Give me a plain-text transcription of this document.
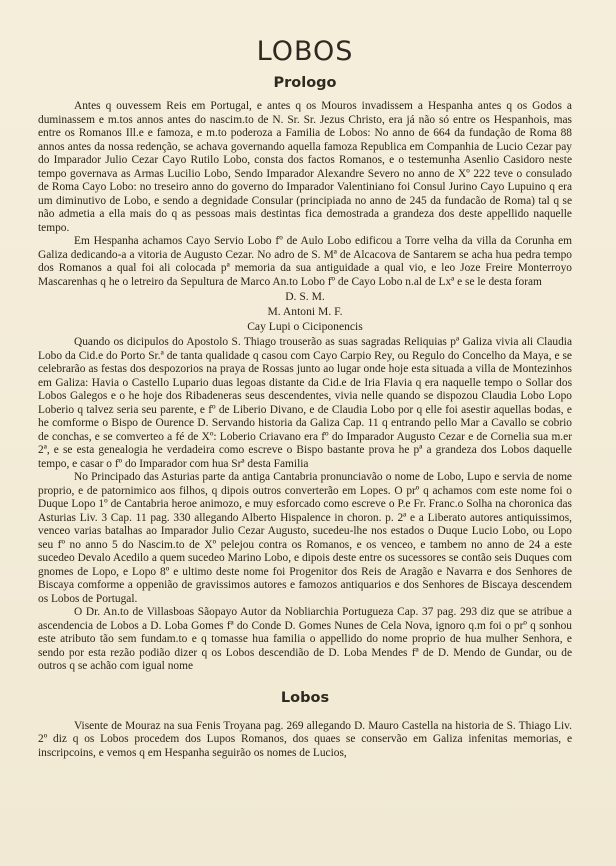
LOBOS
Prologo

Antes q ouvessem Reis em Portugal, e antes q os Mouros invadissem a Hespanha antes q os Godos a duminassem e m.tos annos antes do nascim.to de N. Sr. Sr. Jezus Christo, era já não só entre os Hespanhois, mas entre os Romanos Ill.e e famoza, e m.to poderoza a Familia de Lobos: No anno de 664 da fundação de Roma 88 annos antes da nossa redenção, se achava governando aquella famoza Republica em Companhia de Lucio Cezar pay do Imparador Julio Cezar Cayo Rutilo Lobo, consta dos factos Romanos, e o testemunha Asenlio Casidoro neste tempo governava as Armas Lucilio Lobo, Sendo Imparador Alexandre Severo no anno de Xº 222 teve o consulado de Roma Cayo Lobo: no treseiro anno do governo do Imparador Valentiniano foi Consul Jurino Cayo Lupuino q era um diminutivo de Lobo, e sendo a degnidade Consular (principiada no anno de 245 da fundacão de Roma) tal q se não admetia a ella mais do q as pessoas mais destintas fica demostrada a grandeza dos deste appellido naquelle tempo.

Em Hespanha achamos Cayo Servio Lobo fº de Aulo Lobo edificou a Torre velha da villa da Corunha em Galiza dedicando-a a vitoria de Augusto Cezar. No adro de S. Mª de Alcacova de Santarem se acha hua pedra tempo dos Romanos a qual foi ali colocada pª memoria da sua antiguidade a qual vio, e leo Joze Freire Monterroyo Mascarenhas q he o letreiro da Sepultura de Marco An.to Lobo fº de Cayo Lobo n.al de Lxª e se le desta foram

D. S. M.
M. Antoni M. F.
Cay Lupi o Ciciponencis

Quando os dicipulos do Apostolo S. Thiago trouserão as suas sagradas Reliquias pª Galiza vivia ali Claudia Lobo da Cid.e do Porto Sr.ª de tanta qualidade q casou com Cayo Carpio Rey, ou Regulo do Concelho da Maya, e se celebrarão as festas dos despozorios na praya de Rossas junto ao lugar onde hoje esta situada a villa de Montezinhos em Galiza: Havia o Castello Lupario duas legoas distante da Cid.e de Iria Flavia q era naquelle tempo o Sollar dos Lobos Galegos e o he hoje dos Ribadeneras seus descendentes, vivia nelle quando se dispozou Claudia Lobo Lopo Loberio q talvez seria seu parente, e fº de Liberio Divano, e de Claudia Lobo por q elle foi asestir aquellas bodas, e he comforme o Bispo de Ourence D. Servando historia da Galiza Cap. 11 q entrando pello Mar a Cavallo se cobrio de conchas, e se comverteo a fé de Xº: Loberio Criavano era fº do Imparador Augusto Cezar e de Cornelia sua m.er 2ª, e se esta genealogia he verdadeira como escreve o Bispo bastante prova he pª a grandeza dos Lobos daquelle tempo, e casar o fº do Imparador com hua Srª desta Familia

No Principado das Asturias parte da antiga Cantabria pronunciavão o nome de Lobo, Lupo e servia de nome proprio, e de patornimico aos filhos, q dipois outros converterão em Lopes. O prº q achamos com este nome foi o Duque Lopo 1º de Cantabria heroe animozo, e muy esforcado como escreve o P.e Fr. Franc.o Solha na choronica das Asturias Liv. 3 Cap. 11 pag. 330 allegando Alberto Hispalence in choron. p. 2ª e a Liberato autores antiquissimos, venceo varias batalhas ao Imparador Julio Cezar Augusto, sucedeu-lhe nos estados o Duque Lucio Lobo, ou Lopo seu fº no anno 5 do Nascim.to de Xº pelejou contra os Romanos, e os venceo, e tambem no anno de 24 a este sucedeo Devalo Acedilo a quem sucedeo Marino Lobo, e dipois deste entre os sucessores se contão seis Duques com gnomes de Lopo, e Lopo 8º e ultimo deste nome foi Progenitor dos Reis de Aragão e Navarra e dos Senhores de Biscaya comforme a oppenião de gravissimos autores e famozos antiquarios e dos Senhores de Biscaya descendem os Lobos de Portugal.

O Dr. An.to de Villasboas Sãopayo Autor da Nobliarchia Portugueza Cap. 37 pag. 293 diz que se atribue a ascendencia de Lobos a D. Loba Gomes fª do Conde D. Gomes Nunes de Cela Nova, ignoro q.m foi o prº q sonhou este atributo tão sem fundam.to e q tomasse hua familia o appellido do nome proprio de hua mulher Senhora, e sendo por esta rezão podião dizer q os Lobos descendião de D. Loba Mendes fª de D. Mendo de Gundar, ou de outros q se achão com igual nome

Lobos

Visente de Mouraz na sua Fenis Troyana pag. 269 allegando D. Mauro Castella na historia de S. Thiago Liv. 2º diz q os Lobos procedem dos Lupos Romanos, dos quaes se conservão em Galiza infenitas memorias, e inscripcoins, e vemos q em Hespanha seguirão os nomes de Lucios,
